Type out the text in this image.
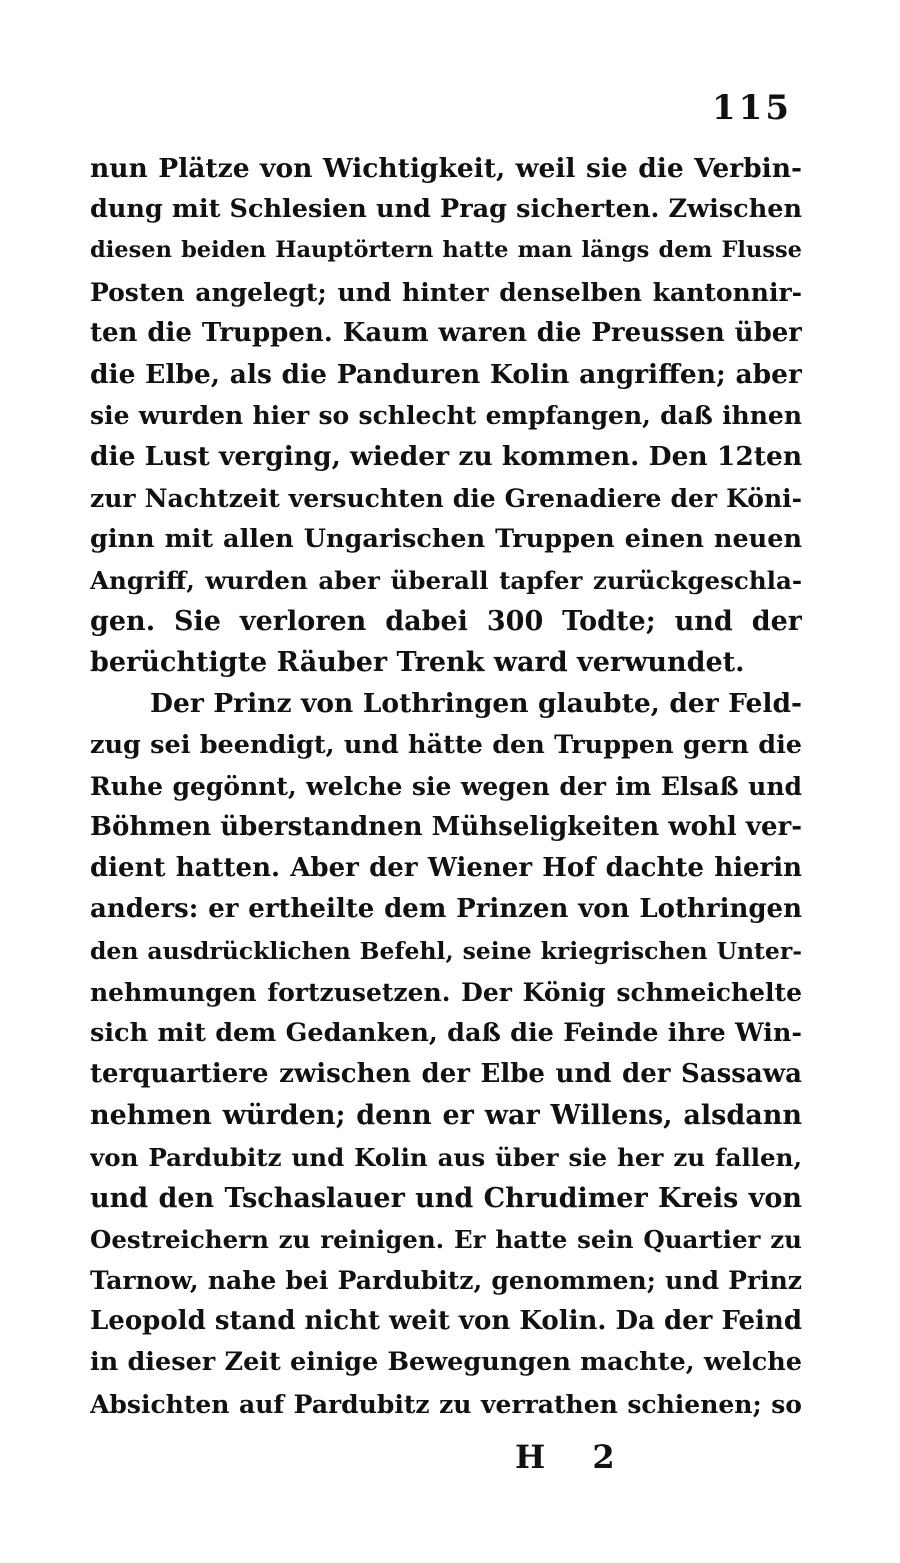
115
nun Plätze von Wichtigkeit, weil sie die Verbin-
dung mit Schlesien und Prag sicherten. Zwischen
diesen beiden Hauptörtern hatte man längs dem Flusse
Posten angelegt; und hinter denselben kantonnir-
ten die Truppen. Kaum waren die Preussen über
die Elbe, als die Panduren Kolin angriffen; aber
sie wurden hier so schlecht empfangen, daß ihnen
die Lust verging, wieder zu kommen. Den 12ten
zur Nachtzeit versuchten die Grenadiere der Köni-
ginn mit allen Ungarischen Truppen einen neuen
Angriff, wurden aber überall tapfer zurückgeschla-
gen. Sie verloren dabei 300 Todte; und der
berüchtigte Räuber Trenk ward verwundet.
Der Prinz von Lothringen glaubte, der Feld-
zug sei beendigt, und hätte den Truppen gern die
Ruhe gegönnt, welche sie wegen der im Elsaß und
Böhmen überstandnen Mühseligkeiten wohl ver-
dient hatten. Aber der Wiener Hof dachte hierin
anders: er ertheilte dem Prinzen von Lothringen
den ausdrücklichen Befehl, seine kriegrischen Unter-
nehmungen fortzusetzen. Der König schmeichelte
sich mit dem Gedanken, daß die Feinde ihre Win-
terquartiere zwischen der Elbe und der Sassawa
nehmen würden; denn er war Willens, alsdann
von Pardubitz und Kolin aus über sie her zu fallen,
und den Tschaslauer und Chrudimer Kreis von
Oestreichern zu reinigen. Er hatte sein Quartier zu
Tarnow, nahe bei Pardubitz, genommen; und Prinz
Leopold stand nicht weit von Kolin. Da der Feind
in dieser Zeit einige Bewegungen machte, welche
Absichten auf Pardubitz zu verrathen schienen; so
H 2
